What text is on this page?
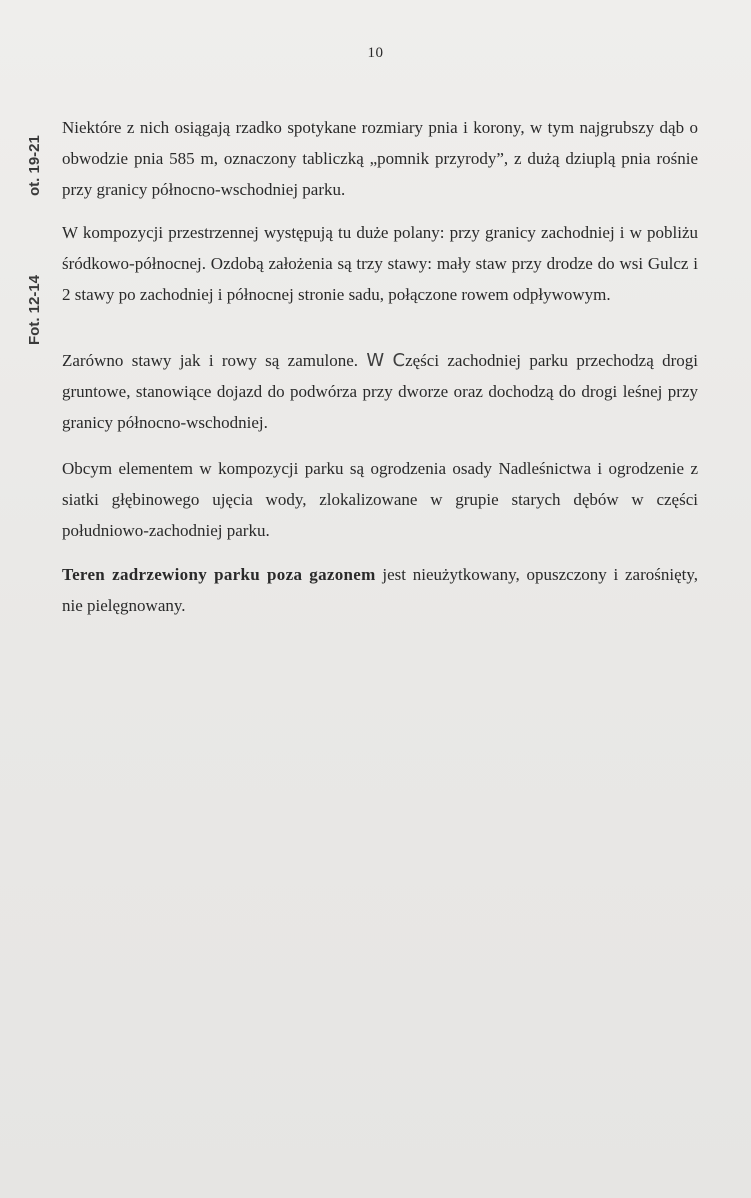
10
ot. 19-21
Fot. 12-14

Niektóre z nich osiągają rzadko spotykane rozmiary pnia i korony, w tym najgrubszy dąb o obwodzie pnia 585 m, oznaczony tabliczką „pomnik przyrody”, z dużą dziuplą pnia rośnie przy granicy północno-wschodniej parku.

W kompozycji przestrzennej występują tu duże polany: przy granicy zachodniej i w pobliżu śródkowo-północnej. Ozdobą założenia są trzy stawy: mały staw przy drodze do wsi Gulcz i 2 stawy po zachodniej i północnej stronie sadu, połączone rowem odpływowym.

Zarówno stawy jak i rowy są zamulone. W Części zachodniej parku przechodzą drogi gruntowe, stanowiące dojazd do podwórza przy dworze oraz dochodzą do drogi leśnej przy granicy północno-wschodniej.

Obcym elementem w kompozycji parku są ogrodzenia osady Nadleśnictwa i ogrodzenie z siatki głębinowego ujęcia wody, zlokalizowane w grupie starych dębów w części południowo-zachodniej parku.

Teren zadrzewiony parku poza gazonem jest nieużytkowany, opuszczony i zarośnięty, nie pielęgnowany.
